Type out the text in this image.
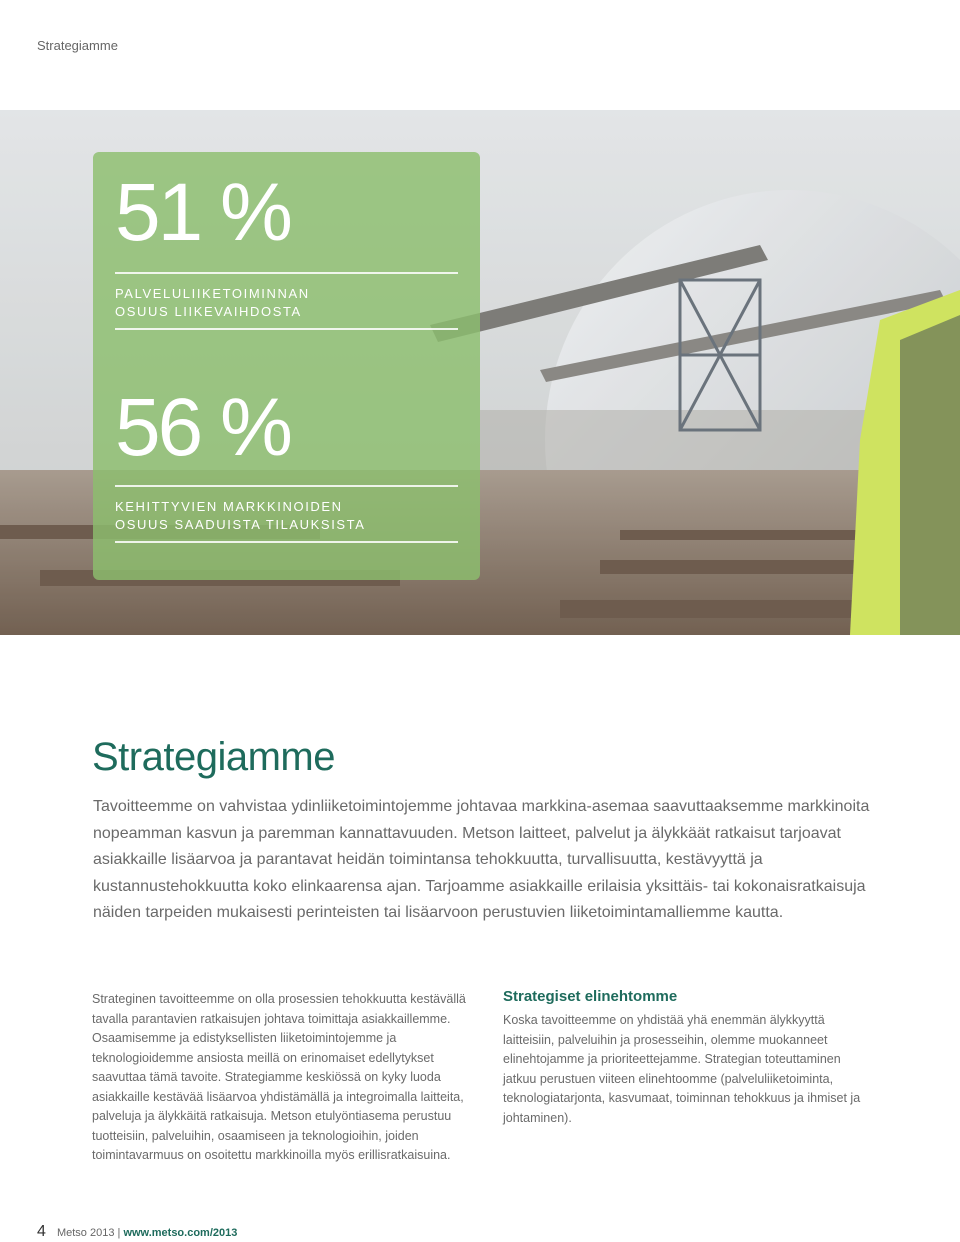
Strategiamme
51 %
PALVELULIIKETOIMINNAN
OSUUS LIIKEVAIHDOSTA
56 %
KEHITTYVIEN MARKKINOIDEN
OSUUS SAADUISTA TILAUKSISTA
Strategiamme

Tavoitteemme on vahvistaa ydinliiketoimintojemme johtavaa markkina-asemaa saavuttaaksemme markkinoita nopeamman kasvun ja paremman kannattavuuden. Metson laitteet, palvelut ja älykkäät ratkaisut tarjoavat asiakkaille lisäarvoa ja parantavat heidän toimintansa tehokkuutta, turvallisuutta, kestävyyttä ja kustannustehokkuutta koko elinkaarensa ajan. Tarjoamme asiakkaille erilaisia yksittäis- tai kokonaisratkaisuja näiden tarpeiden mukaisesti perinteisten tai lisäarvoon perustuvien liiketoimintamalliemme kautta.

Strateginen tavoitteemme on olla prosessien tehokkuutta kestävällä tavalla parantavien ratkaisujen johtava toimittaja asiakkaillemme. Osaamisemme ja edistyksellisten liiketoimintojemme ja teknologioidemme ansiosta meillä on erinomaiset edellytykset saavuttaa tämä tavoite. Strategiamme keskiössä on kyky luoda asiakkaille kestävää lisäarvoa yhdistämällä ja integroimalla laitteita, palveluja ja älykkäitä ratkaisuja. Metson etulyöntiasema perustuu tuotteisiin, palveluihin, osaamiseen ja teknologioihin, joiden toimintavarmuus on osoitettu markkinoilla myös erillisratkaisuina.

Strategiset elinehtomme

Koska tavoitteemme on yhdistää yhä enemmän älykkyyttä laitteisiin, palveluihin ja prosesseihin, olemme muokanneet elinehtojamme ja prioriteettejamme. Strategian toteuttaminen jatkuu perustuen viiteen elinehtoomme (palveluliiketoiminta, teknologiatarjonta, kasvumaat, toiminnan tehokkuus ja ihmiset ja johtaminen).

4 Metso 2013 | www.metso.com/2013
